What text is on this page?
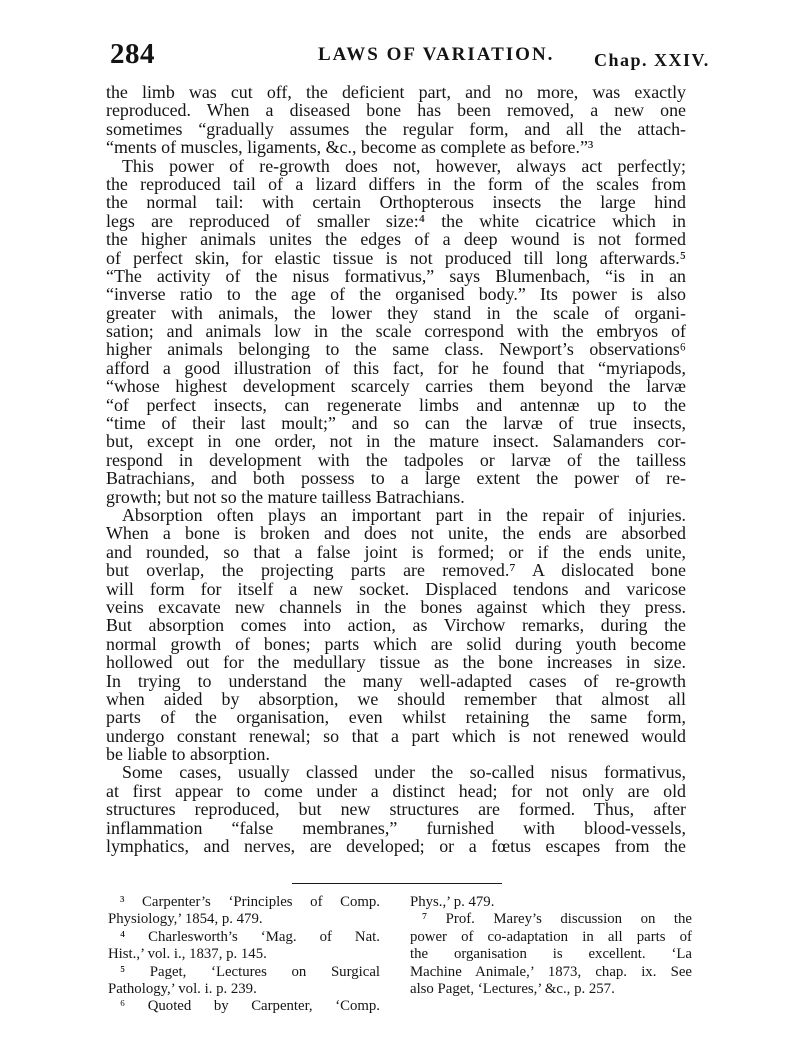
284	LAWS OF VARIATION. Chap. XXIV.
the limb was cut off, the deficient part, and no more, was exactly
reproduced. When a diseased bone has been removed, a new one
sometimes “gradually assumes the regular form, and all the attach-
“ments of muscles, ligaments, &c., become as complete as before.”³
This power of re-growth does not, however, always act perfectly;
the reproduced tail of a lizard differs in the form of the scales from
the normal tail: with certain Orthopterous insects the large hind
legs are reproduced of smaller size:⁴ the white cicatrice which in
the higher animals unites the edges of a deep wound is not formed
of perfect skin, for elastic tissue is not produced till long afterwards.⁵
“The activity of the nisus formativus,” says Blumenbach, “is in an
“inverse ratio to the age of the organised body.” Its power is also
greater with animals, the lower they stand in the scale of organi-
sation; and animals low in the scale correspond with the embryos of
higher animals belonging to the same class. Newport’s observations⁶
afford a good illustration of this fact, for he found that “myriapods,
“whose highest development scarcely carries them beyond the larvæ
“of perfect insects, can regenerate limbs and antennæ up to the
“time of their last moult;” and so can the larvæ of true insects,
but, except in one order, not in the mature insect. Salamanders cor-
respond in development with the tadpoles or larvæ of the tailless
Batrachians, and both possess to a large extent the power of re-
growth; but not so the mature tailless Batrachians.
Absorption often plays an important part in the repair of injuries.
When a bone is broken and does not unite, the ends are absorbed
and rounded, so that a false joint is formed; or if the ends unite,
but overlap, the projecting parts are removed.⁷ A dislocated bone
will form for itself a new socket. Displaced tendons and varicose
veins excavate new channels in the bones against which they press.
But absorption comes into action, as Virchow remarks, during the
normal growth of bones; parts which are solid during youth become
hollowed out for the medullary tissue as the bone increases in size.
In trying to understand the many well-adapted cases of re-growth
when aided by absorption, we should remember that almost all
parts of the organisation, even whilst retaining the same form,
undergo constant renewal; so that a part which is not renewed would
be liable to absorption.
Some cases, usually classed under the so-called nisus formativus,
at first appear to come under a distinct head; for not only are old
structures reproduced, but new structures are formed. Thus, after
inflammation “false membranes,” furnished with blood-vessels,
lymphatics, and nerves, are developed; or a fœtus escapes from the
³ Carpenter’s ‘Principles of Comp.
Physiology,’ 1854, p. 479.
⁴ Charlesworth’s ‘Mag. of Nat.
Hist.,’ vol. i., 1837, p. 145.
⁵ Paget, ‘Lectures on Surgical
Pathology,’ vol. i. p. 239.
⁶ Quoted by Carpenter, ‘Comp.
Phys.,’ p. 479.
⁷ Prof. Marey’s discussion on the
power of co-adaptation in all parts of
the organisation is excellent. ‘La
Machine Animale,’ 1873, chap. ix. See
also Paget, ‘Lectures,’ &c., p. 257.
